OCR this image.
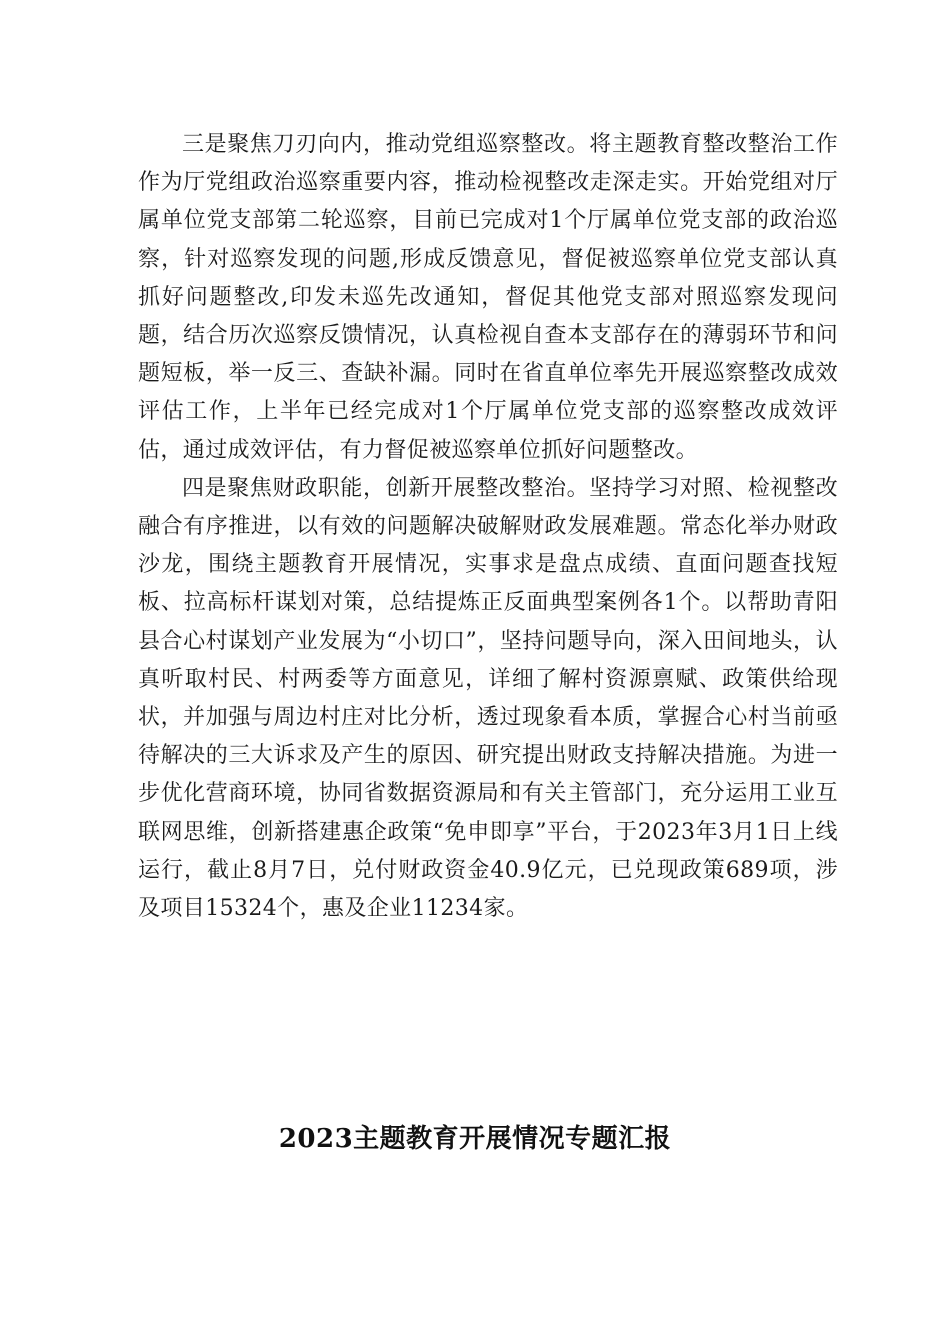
三是聚焦刀刃向内，推动党组巡察整改。将主题教育整改整治工作作为厅党组政治巡察重要内容，推动检视整改走深走实。开始党组对厅属单位党支部第二轮巡察，目前已完成对1个厅属单位党支部的政治巡察，针对巡察发现的问题,形成反馈意见，督促被巡察单位党支部认真抓好问题整改,印发未巡先改通知，督促其他党支部对照巡察发现问题，结合历次巡察反馈情况，认真检视自查本支部存在的薄弱环节和问题短板，举一反三、查缺补漏。同时在省直单位率先开展巡察整改成效评估工作，上半年已经完成对1个厅属单位党支部的巡察整改成效评估，通过成效评估，有力督促被巡察单位抓好问题整改。

四是聚焦财政职能，创新开展整改整治。坚持学习对照、检视整改融合有序推进，以有效的问题解决破解财政发展难题。常态化举办财政沙龙，围绕主题教育开展情况，实事求是盘点成绩、直面问题查找短板、拉高标杆谋划对策，总结提炼正反面典型案例各1个。以帮助青阳县合心村谋划产业发展为“小切口”，坚持问题导向，深入田间地头，认真听取村民、村两委等方面意见，详细了解村资源禀赋、政策供给现状，并加强与周边村庄对比分析，透过现象看本质，掌握合心村当前亟待解决的三大诉求及产生的原因、研究提出财政支持解决措施。为进一步优化营商环境，协同省数据资源局和有关主管部门，充分运用工业互联网思维，创新搭建惠企政策“免申即享”平台，于2023年3月1日上线运行，截止8月7日，兑付财政资金40.9亿元，已兑现政策689项，涉及项目15324个，惠及企业11234家。

2023主题教育开展情况专题汇报
